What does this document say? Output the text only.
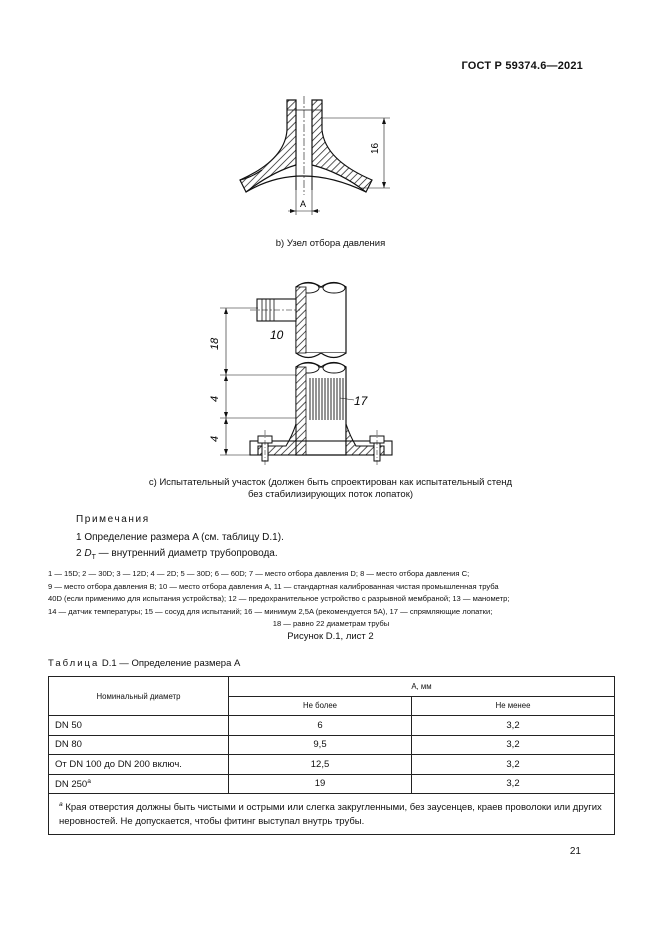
ГОСТ Р 59374.6—2021
16
A
18
4
4
10
17
b) Узел отбора давления
c) Испытательный участок (должен быть спроектирован как испытательный стенд
без стабилизирующих поток лопаток)
Примечания
1 Определение размера A (см. таблицу D.1).
2 $D_T$ — внутренний диаметр трубопровода.
1 — 15D; 2 — 30D; 3 — 12D; 4 — 2D; 5 — 30D; 6 — 60D; 7 — место отбора давления D; 8 — место отбора давления C;
9 — место отбора давления B; 10 — место отбора давления A, 11 — стандартная калиброванная чистая промышленная труба
40D (если применимо для испытания устройства); 12 — предохранительное устройство с разрывной мембраной; 13 — манометр;
14 — датчик температуры; 15 — сосуд для испытаний; 16 — минимум 2,5A (рекомендуется 5A), 17 — спрямляющие лопатки;
18 — равно 22 диаметрам трубы
Рисунок D.1, лист 2
Таблица D.1 — Определение размера A
Номинальный диаметр	A, мм	
	Не более	Не менее
DN 50	6	3,2
DN 80	9,5	3,2
От DN 100 до DN 200 включ.	12,5	3,2
DN 250$^a$	19	3,2
$^a$ Края отверстия должны быть чистыми и острыми или слегка закругленными, без заусенцев, краев проволоки или других неровностей. Не допускается, чтобы фитинг выступал внутрь трубы.		
21
